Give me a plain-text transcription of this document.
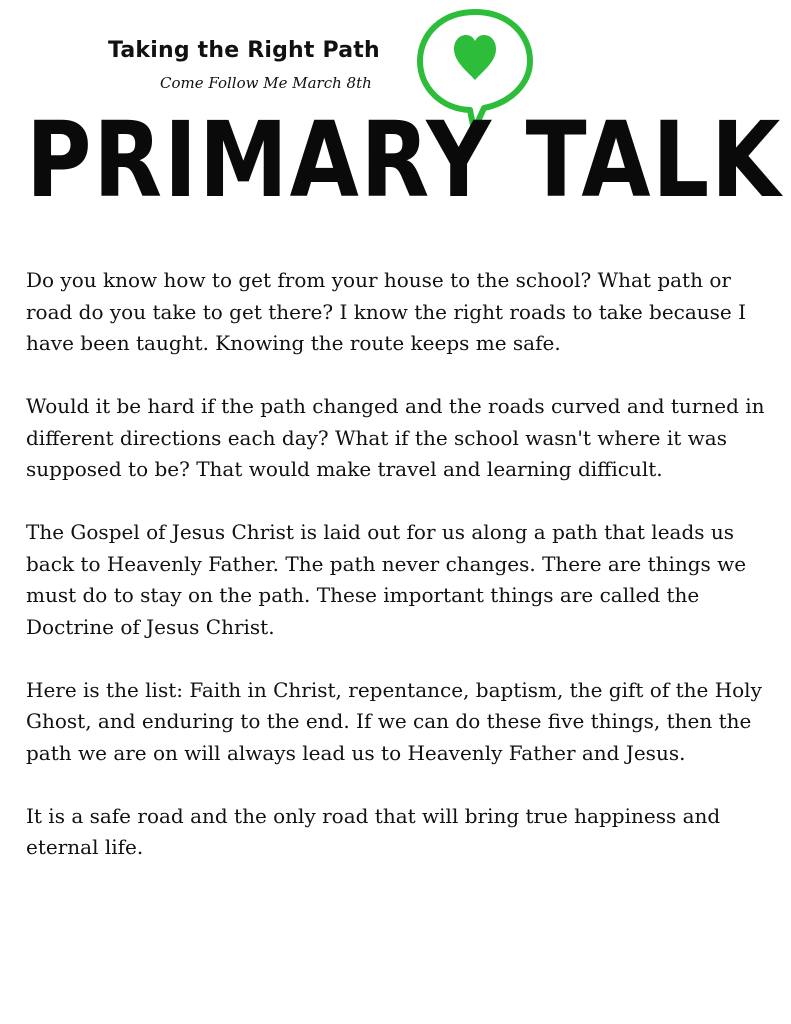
Taking the Right Path
Come Follow Me March 8th
PRIMARY TALK

Do you know how to get from your house to the school? What path or road do you take to get there? I know the right roads to take because I have been taught. Knowing the route keeps me safe.

Would it be hard if the path changed and the roads curved and turned in different directions each day? What if the school wasn't where it was supposed to be? That would make travel and learning difficult.

The Gospel of Jesus Christ is laid out for us along a path that leads us back to Heavenly Father. The path never changes. There are things we must do to stay on the path. These important things are called the Doctrine of Jesus Christ.

Here is the list: Faith in Christ, repentance, baptism, the gift of the Holy Ghost, and enduring to the end. If we can do these five things, then the path we are on will always lead us to Heavenly Father and Jesus.

It is a safe road and the only road that will bring true happiness and eternal life.
